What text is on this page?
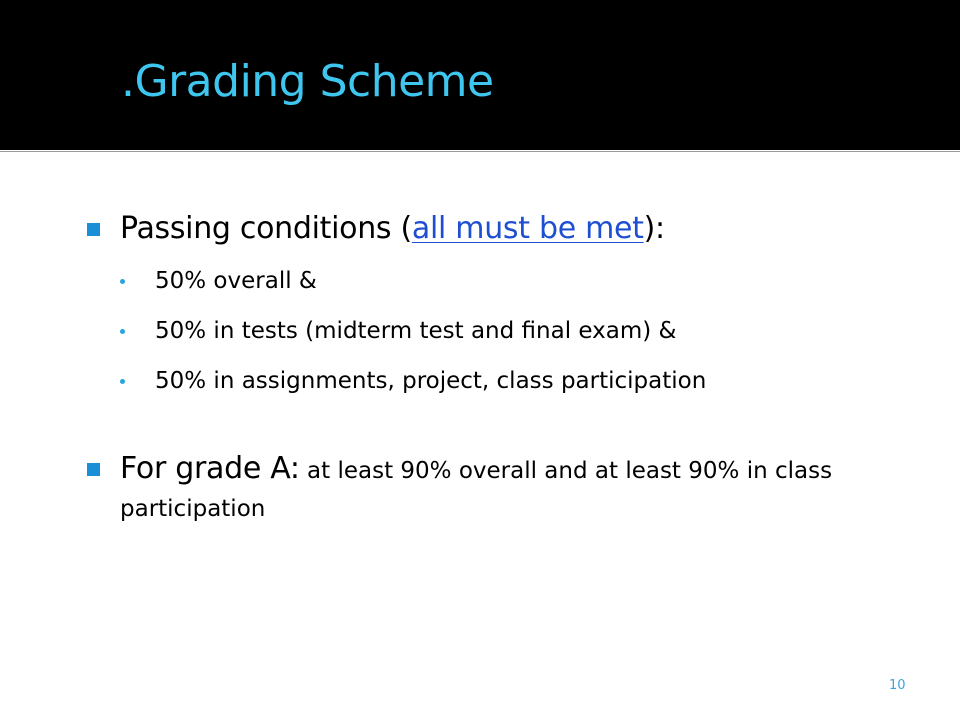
.Grading Scheme
Passing conditions (all must be met):
50% overall &
50% in tests (midterm test and final exam) &
50% in assignments, project, class participation
For grade A: at least 90% overall and at least 90% in class participation
10
